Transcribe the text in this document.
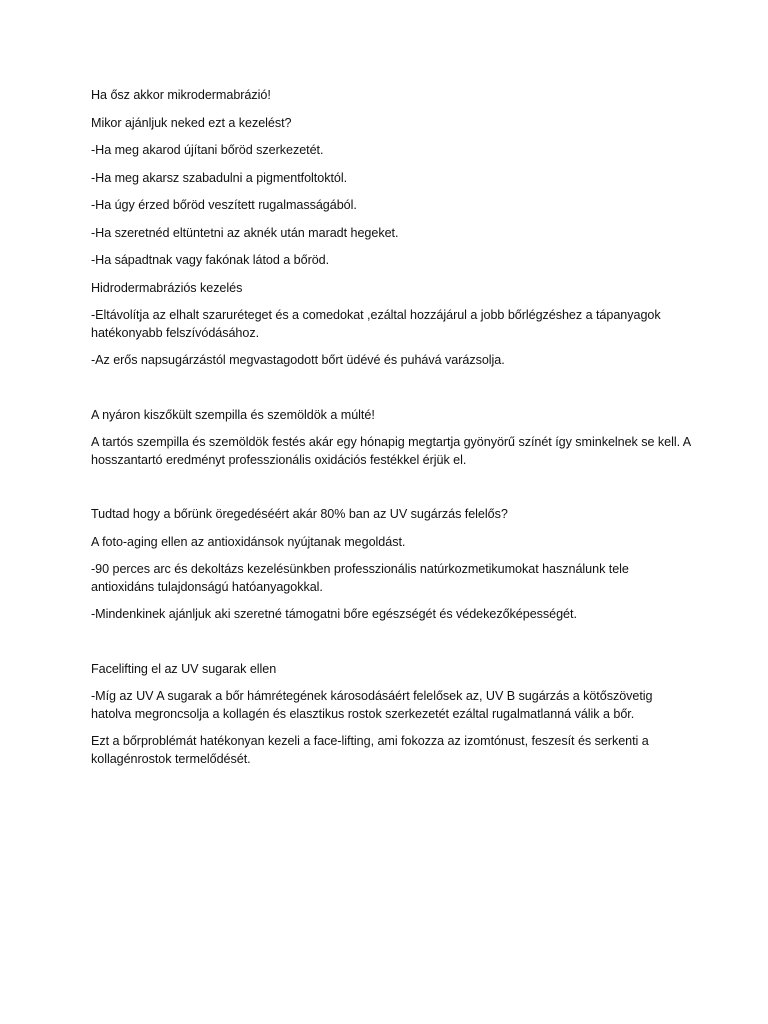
Ha ősz akkor mikrodermabrázió!

Mikor ajánljuk neked ezt a kezelést?

-Ha meg akarod újítani bőröd szerkezetét.

-Ha meg akarsz szabadulni a pigmentfoltoktól.

-Ha úgy érzed bőröd veszített rugalmasságából.

-Ha szeretnéd eltüntetni az aknék után maradt hegeket.

-Ha sápadtnak vagy fakónak látod a bőröd.

Hidrodermabráziós kezelés

-Eltávolítja az elhalt szaruréteget és a comedokat ,ezáltal hozzájárul a jobb bőrlégzéshez a tápanyagok hatékonyabb felszívódásához.

-Az erős napsugárzástól megvastagodott bőrt üdévé és puhává varázsolja.

A nyáron kiszőkült szempilla és szemöldök a múlté!

A tartós szempilla és szemöldök festés akár egy hónapig megtartja gyönyörű színét így sminkelnek se kell. A hosszantartó eredményt professzionális oxidációs festékkel érjük el.

Tudtad hogy a bőrünk öregedéséért akár 80% ban az UV sugárzás felelős?

A foto-aging ellen az antioxidánsok nyújtanak megoldást.

-90 perces arc és dekoltázs kezelésünkben professzionális natúrkozmetikumokat használunk tele antioxidáns tulajdonságú hatóanyagokkal.

-Mindenkinek ajánljuk aki szeretné támogatni bőre egészségét és védekezőképességét.

Facelifting el az UV sugarak ellen

-Míg az UV A sugarak a bőr hámrétegének károsodásáért felelősek az, UV B sugárzás a kötőszövetig hatolva megroncsolja a kollagén és elasztikus rostok szerkezetét ezáltal rugalmatlanná válik a bőr.

Ezt a bőrproblémát hatékonyan kezeli a face-lifting, ami fokozza az izomtónust, feszesít és serkenti a kollagénrostok termelődését.
